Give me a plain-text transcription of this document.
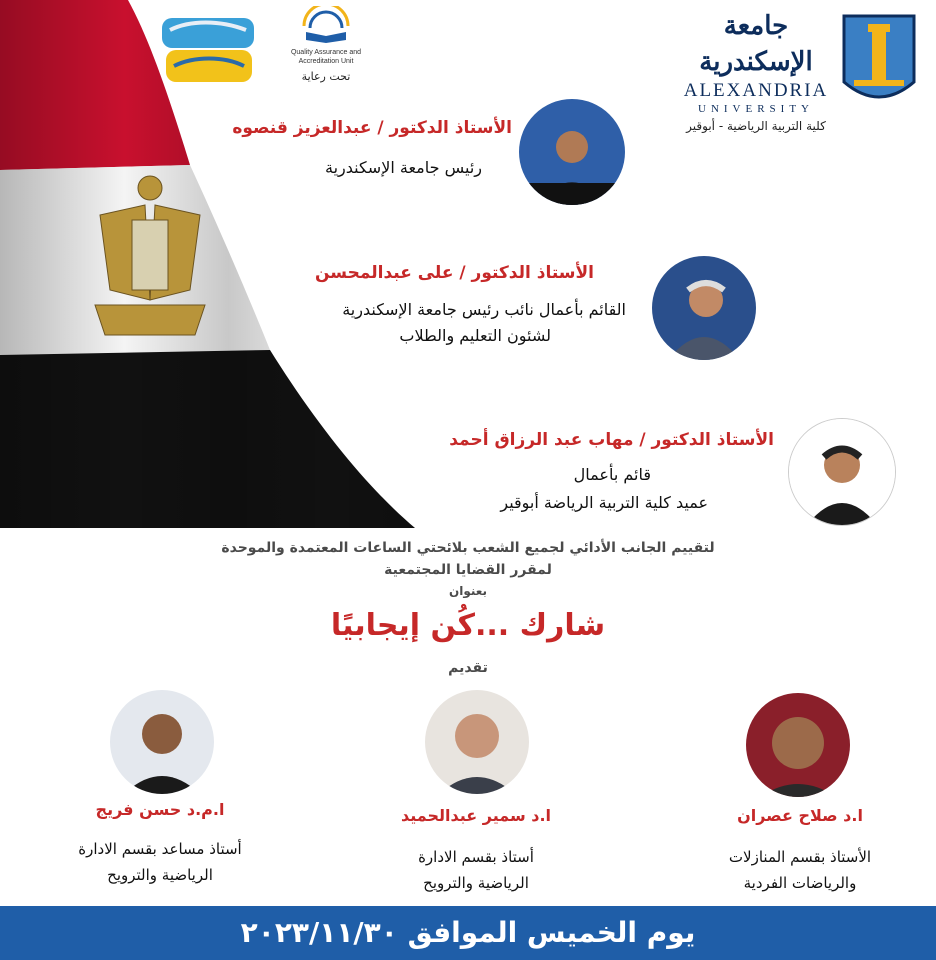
Quality Assurance and
Accreditation Unit
تحت رعاية
جامعة الإسكندرية
ALEXANDRIA
UNIVERSITY
كلية التربية الرياضية - أبوقير
الأستاذ الدكتور / عبدالعزيز قنصوه
رئيس جامعة الإسكندرية
الأستاذ الدكتور / على عبدالمحسن
القائم بأعمال نائب رئيس جامعة الإسكندرية
لشئون التعليم والطلاب
الأستاذ الدكتور / مهاب عبد الرزاق أحمد
قائم بأعمال
عميد كلية التربية الرياضة أبوقير
لتقييم الجانب الأدائي لجميع الشعب بلائحتي الساعات المعتمدة والموحدة
لمقرر القضايا المجتمعية
بعنوان
شارك ...كُن إيجابيًا
تقديم
ا.د صلاح عصران
الأستاذ بقسم المنازلات
والرياضات الفردية
ا.د سمير عبدالحميد
أستاذ بقسم الادارة
الرياضية والترويح
ا.م.د حسن فريج
أستاذ مساعد بقسم الادارة
الرياضية والترويح
يوم الخميس الموافق ٢٠٢٣/١١/٣٠
